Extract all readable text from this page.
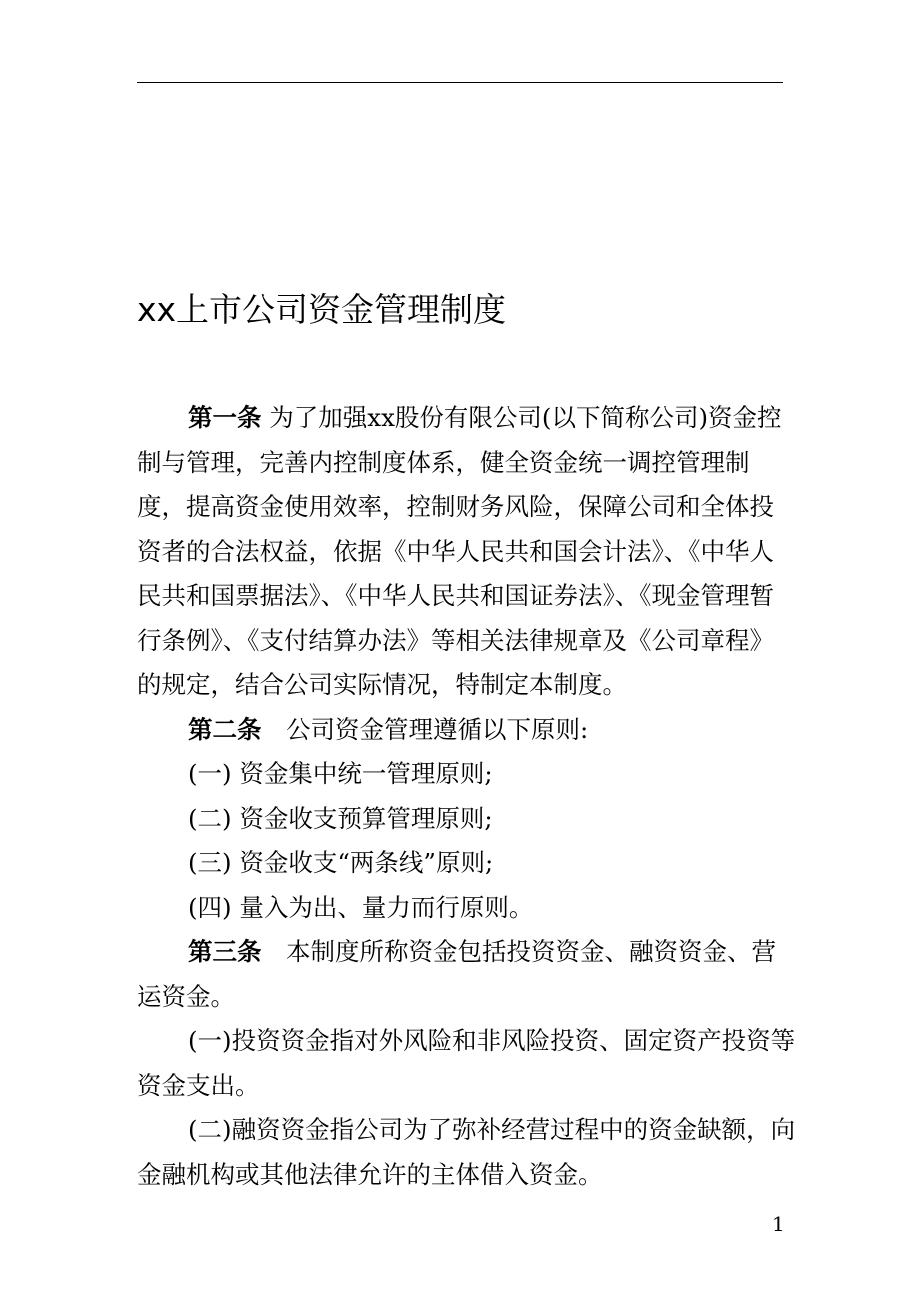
xx上市公司资金管理制度

第一条 为了加强xx股份有限公司(以下简称公司)资金控制与管理，完善内控制度体系，健全资金统一调控管理制度，提高资金使用效率，控制财务风险，保障公司和全体投资者的合法权益，依据《中华人民共和国会计法》、《中华人民共和国票据法》、《中华人民共和国证券法》、《现金管理暂行条例》、《支付结算办法》等相关法律规章及《公司章程》的规定，结合公司实际情况，特制定本制度。

第二条　公司资金管理遵循以下原则:

(一) 资金集中统一管理原则;

(二) 资金收支预算管理原则;

(三) 资金收支“两条线”原则;

(四) 量入为出、量力而行原则。

第三条　本制度所称资金包括投资资金、融资资金、营运资金。

(一)投资资金指对外风险和非风险投资、固定资产投资等资金支出。

(二)融资资金指公司为了弥补经营过程中的资金缺额，向金融机构或其他法律允许的主体借入资金。

1
